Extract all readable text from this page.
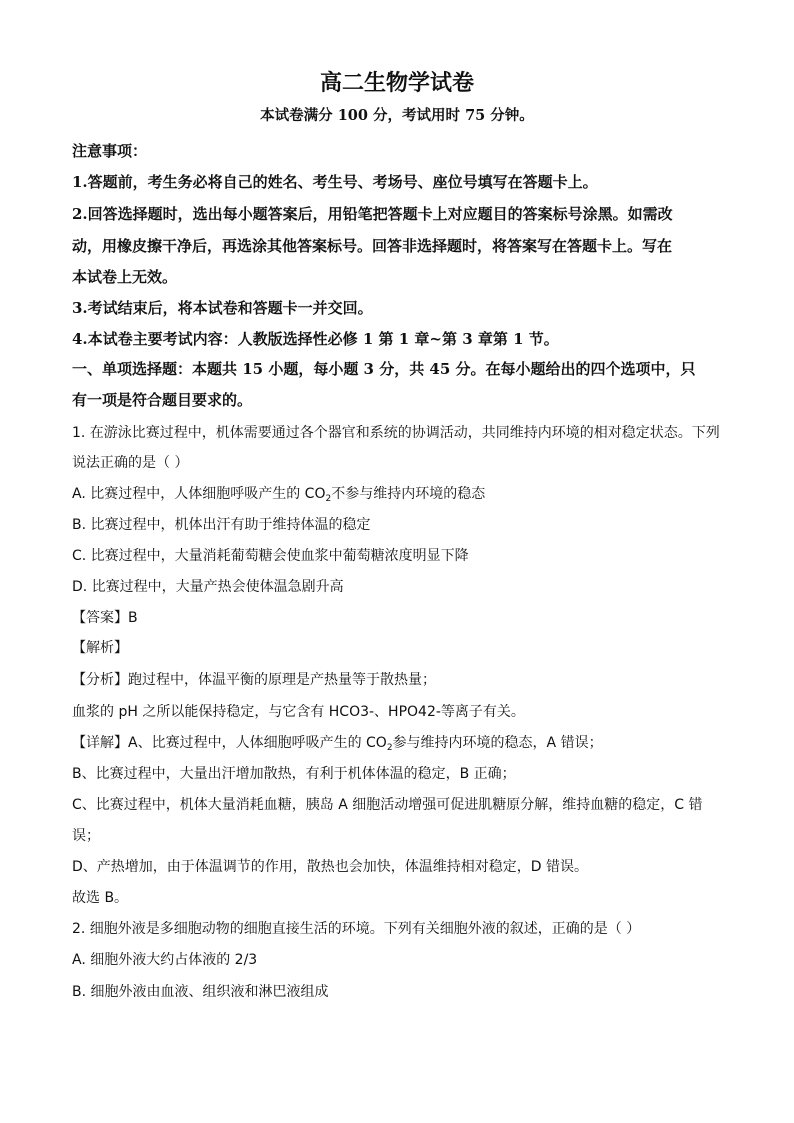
高二生物学试卷
本试卷满分 100 分，考试用时 75 分钟。
注意事项：
1.答题前，考生务必将自己的姓名、考生号、考场号、座位号填写在答题卡上。
2.回答选择题时，选出每小题答案后，用铅笔把答题卡上对应题目的答案标号涂黑。如需改
动，用橡皮擦干净后，再选涂其他答案标号。回答非选择题时，将答案写在答题卡上。写在
本试卷上无效。
3.考试结束后，将本试卷和答题卡一并交回。
4.本试卷主要考试内容：人教版选择性必修 1 第 1 章~第 3 章第 1 节。
一、单项选择题：本题共 15 小题，每小题 3 分，共 45 分。在每小题给出的四个选项中，只
有一项是符合题目要求的。
1. 在游泳比赛过程中，机体需要通过各个器官和系统的协调活动，共同维持内环境的相对稳定状态。下列
说法正确的是（ ）
A. 比赛过程中，人体细胞呼吸产生的 $CO_2$不参与维持内环境的稳态
B. 比赛过程中，机体出汗有助于维持体温的稳定
C. 比赛过程中，大量消耗葡萄糖会使血浆中葡萄糖浓度明显下降
D. 比赛过程中，大量产热会使体温急剧升高
【答案】B
【解析】
【分析】跑过程中，体温平衡的原理是产热量等于散热量；
血浆的 pH 之所以能保持稳定，与它含有 HCO3-、HPO42-等离子有关。
【详解】A、比赛过程中，人体细胞呼吸产生的 $CO_2$参与维持内环境的稳态，A 错误；
B、比赛过程中，大量出汗增加散热，有利于机体体温的稳定，B 正确；
C、比赛过程中，机体大量消耗血糖，胰岛 A 细胞活动增强可促进肌糖原分解，维持血糖的稳定，C 错
误；
D、产热增加，由于体温调节的作用，散热也会加快，体温维持相对稳定，D 错误。
故选 B。
2. 细胞外液是多细胞动物的细胞直接生活的环境。下列有关细胞外液的叙述，正确的是（ ）
A. 细胞外液大约占体液的 2/3
B. 细胞外液由血液、组织液和淋巴液组成
